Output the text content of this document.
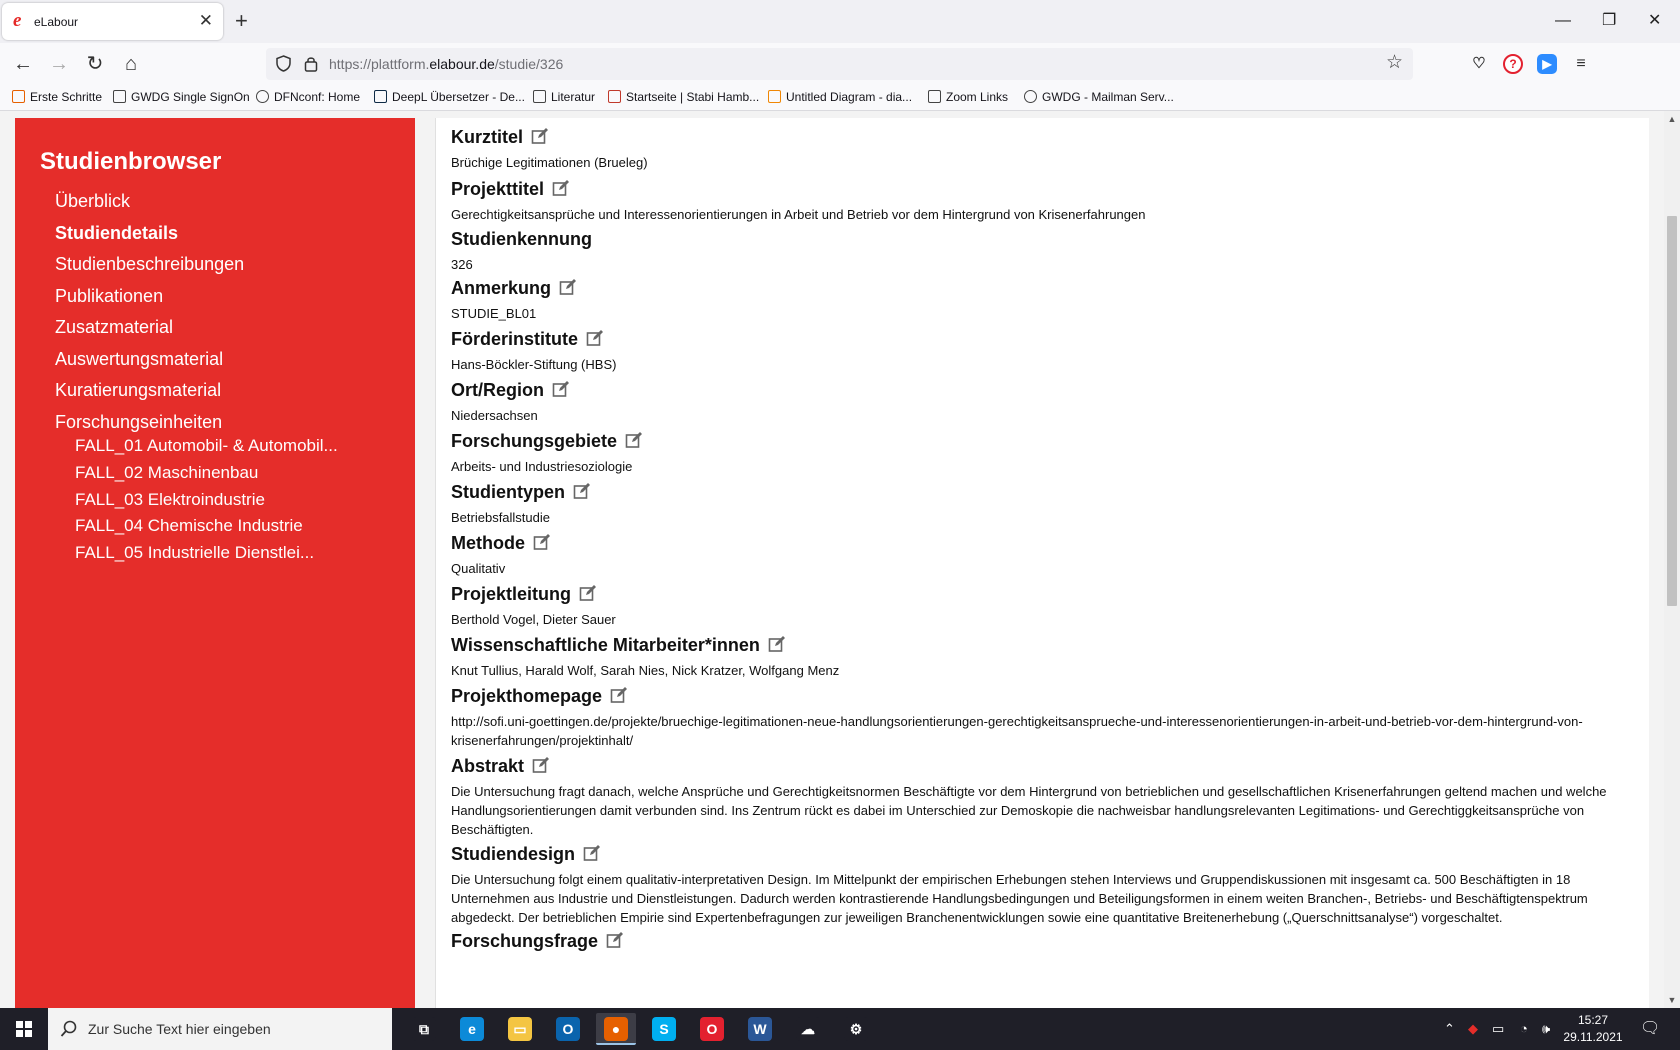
e eLabour	✕ +	— ❐ ✕
← → ↻ ⌂	https://plattform.elabour.de/studie/326	☆	♡	?	▶	≡
Erste Schritte	GWDG Single SignOn	DFNconf: Home	DeepL Übersetzer - De...	Literatur	Startseite | Stabi Hamb...	Untitled Diagram - dia...	Zoom Links	GWDG - Mailman Serv...
Studienbrowser
Überblick
Studiendetails
Studienbeschreibungen
Publikationen
Zusatzmaterial
Auswertungsmaterial
Kuratierungsmaterial
Forschungseinheiten
FALL_01 Automobil- & Automobil...
FALL_02 Maschinenbau
FALL_03 Elektroindustrie
FALL_04 Chemische Industrie
FALL_05 Industrielle Dienstlei...
Kurztitel
Brüchige Legitimationen (Brueleg)
Projekttitel
Gerechtigkeitsansprüche und Interessenorientierungen in Arbeit und Betrieb vor dem Hintergrund von Krisenerfahrungen
Studienkennung
326
Anmerkung
STUDIE_BL01
Förderinstitute
Hans-Böckler-Stiftung (HBS)
Ort/Region
Niedersachsen
Forschungsgebiete
Arbeits- und Industriesoziologie
Studientypen
Betriebsfallstudie
Methode
Qualitativ
Projektleitung
Berthold Vogel, Dieter Sauer
Wissenschaftliche Mitarbeiter*innen
Knut Tullius, Harald Wolf, Sarah Nies, Nick Kratzer, Wolfgang Menz
Projekthomepage
http://sofi.uni-goettingen.de/projekte/bruechige-legitimationen-neue-handlungsorientierungen-gerechtigkeitsansprueche-und-interessenorientierungen-in-arbeit-und-betrieb-vor-dem-hintergrund-von-krisenerfahrungen/projektinhalt/
Abstrakt
Die Untersuchung fragt danach, welche Ansprüche und Gerechtigkeitsnormen Beschäftigte vor dem Hintergrund von betrieblichen und gesellschaftlichen Krisenerfahrungen geltend machen und welche Handlungsorientierungen damit verbunden sind. Ins Zentrum rückt es dabei im Unterschied zur Demoskopie die nachweisbar handlungsrelevanten Legitimations- und Gerechtiggkeitsansprüche von Beschäftigten.
Studiendesign
Die Untersuchung folgt einem qualitativ-interpretativen Design. Im Mittelpunkt der empirischen Erhebungen stehen Interviews und Gruppendiskussionen mit insgesamt ca. 500 Beschäftigten in 18 Unternehmen aus Industrie und Dienstleistungen. Dadurch werden kontrastierende Handlungsbedingungen und Beteiligungsformen in einem weiten Branchen-, Betriebs- und Beschäftigtenspektrum abgedeckt. Der betrieblichen Empirie sind Expertenbefragungen zur jeweiligen Branchenentwicklungen sowie eine quantitative Breitenerhebung („Querschnittsanalyse“) vorgeschaltet.
Forschungsfrage
▲
▼
Zur Suche Text hier eingeben	⧉	e	▭	O	●	S	O	W	☁	⚙	⌃ ◆ ▭ ◔ 🕪
15:27
29.11.2021	🗨
